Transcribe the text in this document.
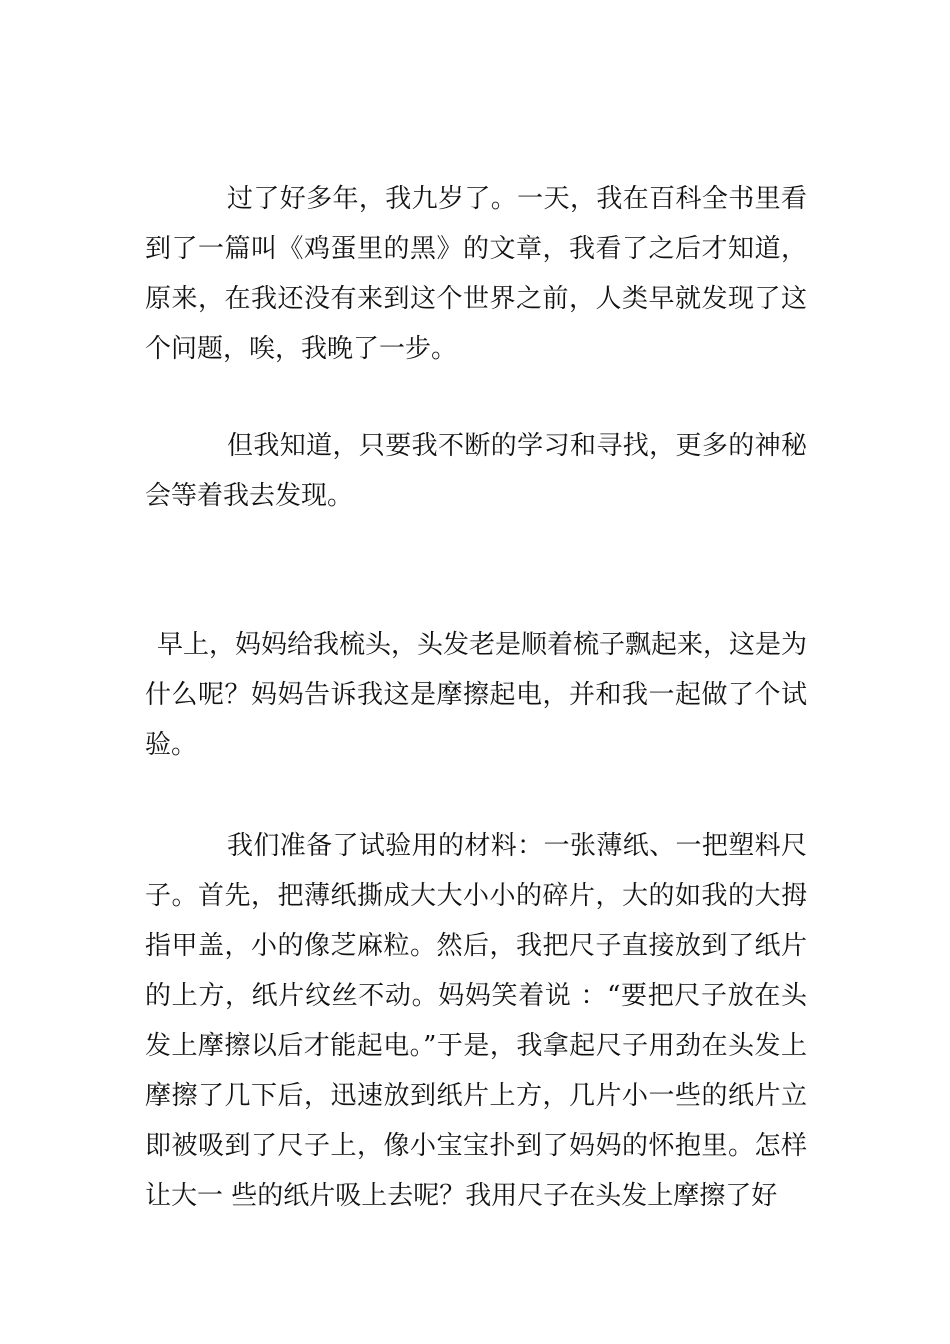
过了好多年，我九岁了。一天，我在百科全书里看到了一篇叫《鸡蛋里的黑》的文章，我看了之后才知道，原来，在我还没有来到这个世界之前，人类早就发现了这个问题，唉，我晚了一步。

但我知道，只要我不断的学习和寻找，更多的神秘会等着我去发现。

早上，妈妈给我梳头，头发老是顺着梳子飘起来，这是为什么呢？妈妈告诉我这是摩擦起电，并和我一起做了个试验。

我们准备了试验用的材料：一张薄纸、一把塑料尺子。首先，把薄纸撕成大大小小的碎片，大的如我的大拇指甲盖，小的像芝麻粒。然后，我把尺子直接放到了纸片的上方，纸片纹丝不动。妈妈笑着说 ：“要把尺子放在头发上摩擦以后才能起电。”于是，我拿起尺子用劲在头发上摩擦了几下后，迅速放到纸片上方，几片小一些的纸片立即被吸到了尺子上，像小宝宝扑到了妈妈的怀抱里。怎样让大一 些的纸片吸上去呢？我用尺子在头发上摩擦了好
